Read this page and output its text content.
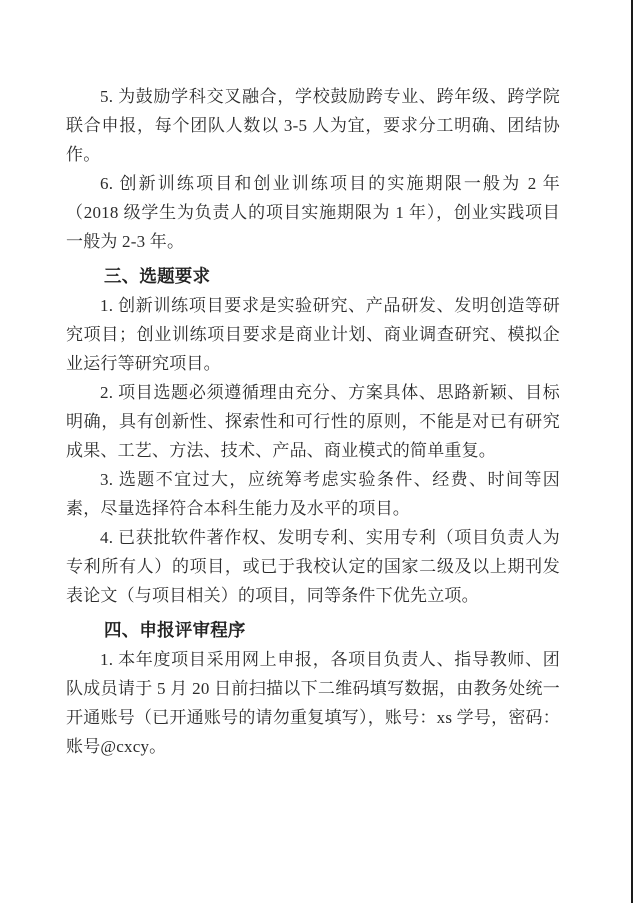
5. 为鼓励学科交叉融合，学校鼓励跨专业、跨年级、跨学院联合申报，每个团队人数以 3-5 人为宜，要求分工明确、团结协作。

6. 创新训练项目和创业训练项目的实施期限一般为 2 年（2018 级学生为负责人的项目实施期限为 1 年），创业实践项目一般为 2-3 年。

三、选题要求

1. 创新训练项目要求是实验研究、产品研发、发明创造等研究项目；创业训练项目要求是商业计划、商业调查研究、模拟企业运行等研究项目。

2. 项目选题必须遵循理由充分、方案具体、思路新颖、目标明确，具有创新性、探索性和可行性的原则，不能是对已有研究成果、工艺、方法、技术、产品、商业模式的简单重复。

3. 选题不宜过大，应统筹考虑实验条件、经费、时间等因素，尽量选择符合本科生能力及水平的项目。

4. 已获批软件著作权、发明专利、实用专利（项目负责人为专利所有人）的项目，或已于我校认定的国家二级及以上期刊发表论文（与项目相关）的项目，同等条件下优先立项。

四、申报评审程序

1. 本年度项目采用网上申报，各项目负责人、指导教师、团队成员请于 5 月 20 日前扫描以下二维码填写数据，由教务处统一开通账号（已开通账号的请勿重复填写），账号：xs 学号，密码：账号@cxcy。
